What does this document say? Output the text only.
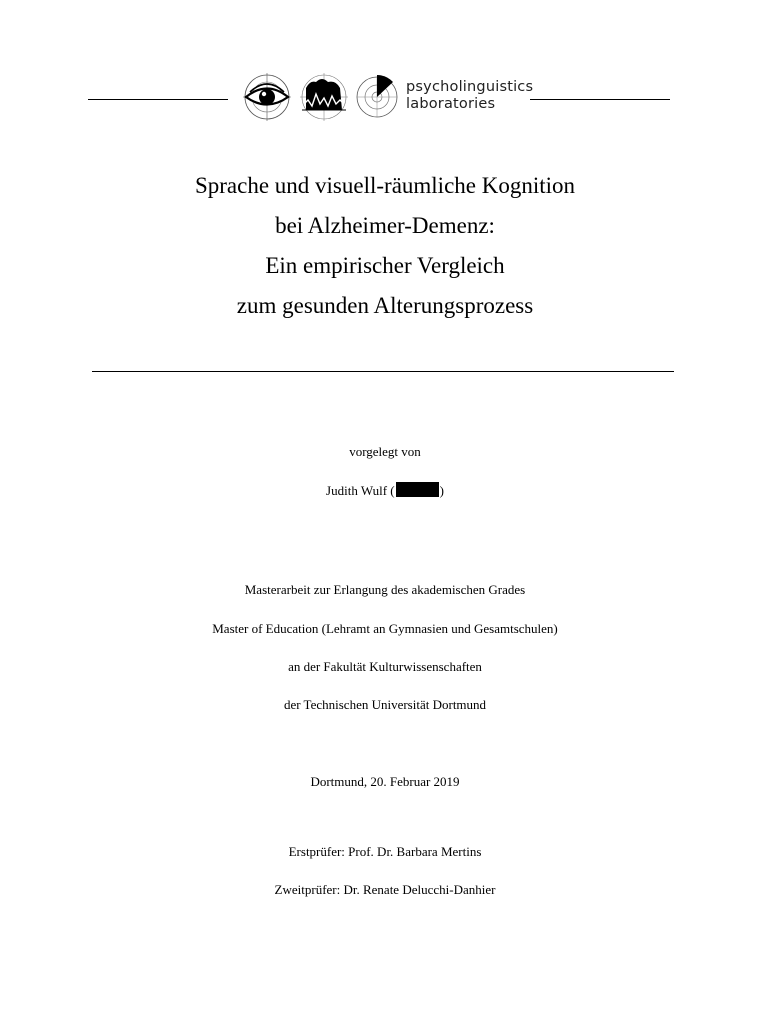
psycholinguistics
laboratories
Sprache und visuell-räumliche Kognition
bei Alzheimer-Demenz:
Ein empirischer Vergleich
zum gesunden Alterungsprozess
vorgelegt von
Judith Wulf (	)
Masterarbeit zur Erlangung des akademischen Grades
Master of Education (Lehramt an Gymnasien und Gesamtschulen)
an der Fakultät Kulturwissenschaften
der Technischen Universität Dortmund
Dortmund, 20. Februar 2019
Erstprüfer: Prof. Dr. Barbara Mertins
Zweitprüfer: Dr. Renate Delucchi-Danhier
